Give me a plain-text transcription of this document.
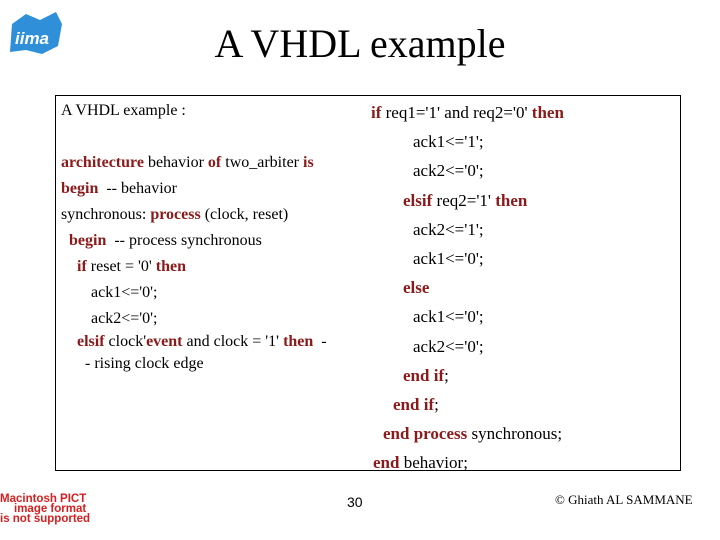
iima	A VHDL example
A VHDL example :
architecture behavior of two_arbiter is
begin  -- behavior
synchronous: process (clock, reset)
begin  -- process synchronous
if reset = '0' then
ack1<='0';
ack2<='0';
elsif clock'event and clock = '1' then  -
- rising clock edge
if req1='1' and req2='0' then
ack1<='1';
ack2<='0';
elsif req2='1' then
ack2<='1';
ack1<='0';
else
ack1<='0';
ack2<='0';
end if;
end if;
end process synchronous;
end behavior;
Macintosh PICT
image format
is not supported
30	© Ghiath AL SAMMANE
